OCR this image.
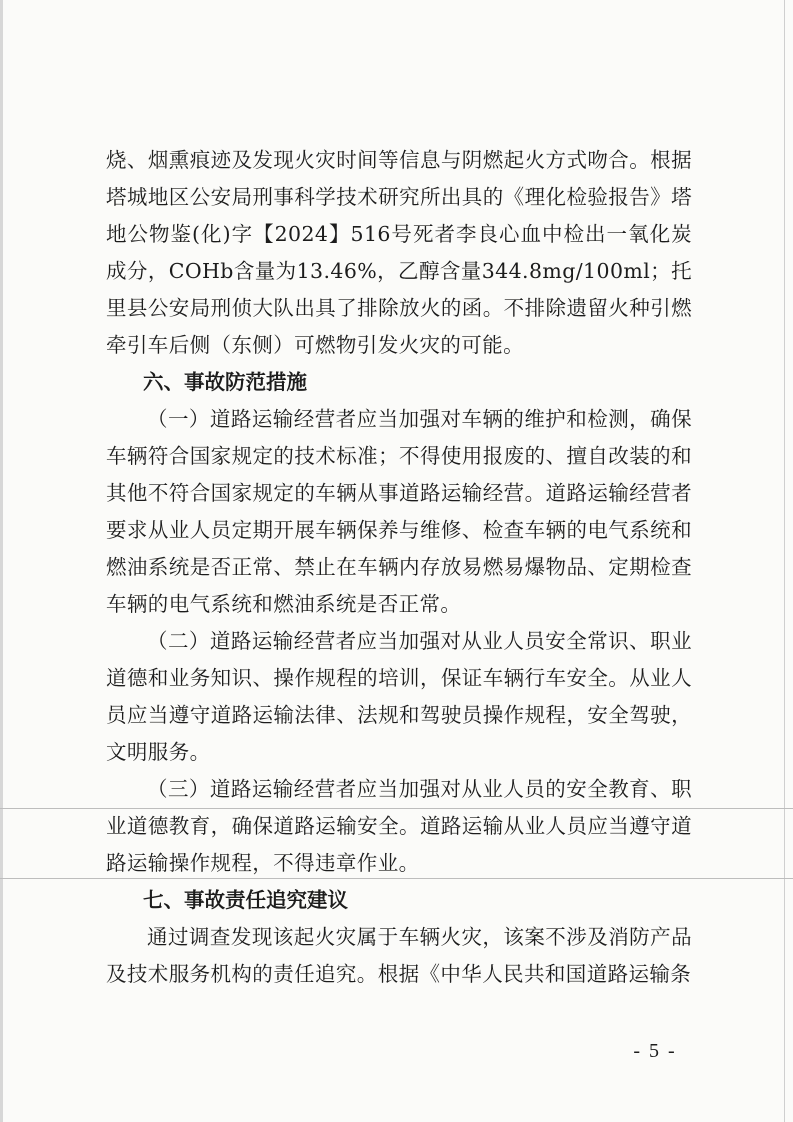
烧、烟熏痕迹及发现火灾时间等信息与阴燃起火方式吻合。根据塔城地区公安局刑事科学技术研究所出具的《理化检验报告》塔地公物鉴(化)字【2024】516号死者李良心血中检出一氧化炭成分，COHb含量为13.46%，乙醇含量344.8mg/100ml；托里县公安局刑侦大队出具了排除放火的函。不排除遗留火种引燃牵引车后侧（东侧）可燃物引发火灾的可能。

六、事故防范措施

（一）道路运输经营者应当加强对车辆的维护和检测，确保车辆符合国家规定的技术标准；不得使用报废的、擅自改装的和其他不符合国家规定的车辆从事道路运输经营。道路运输经营者要求从业人员定期开展车辆保养与维修、检查车辆的电气系统和燃油系统是否正常、禁止在车辆内存放易燃易爆物品、定期检查车辆的电气系统和燃油系统是否正常。

（二）道路运输经营者应当加强对从业人员安全常识、职业道德和业务知识、操作规程的培训，保证车辆行车安全。从业人员应当遵守道路运输法律、法规和驾驶员操作规程，安全驾驶，文明服务。

（三）道路运输经营者应当加强对从业人员的安全教育、职业道德教育，确保道路运输安全。道路运输从业人员应当遵守道路运输操作规程，不得违章作业。

七、事故责任追究建议

通过调查发现该起火灾属于车辆火灾，该案不涉及消防产品及技术服务机构的责任追究。根据《中华人民共和国道路运输条

- 5 -
